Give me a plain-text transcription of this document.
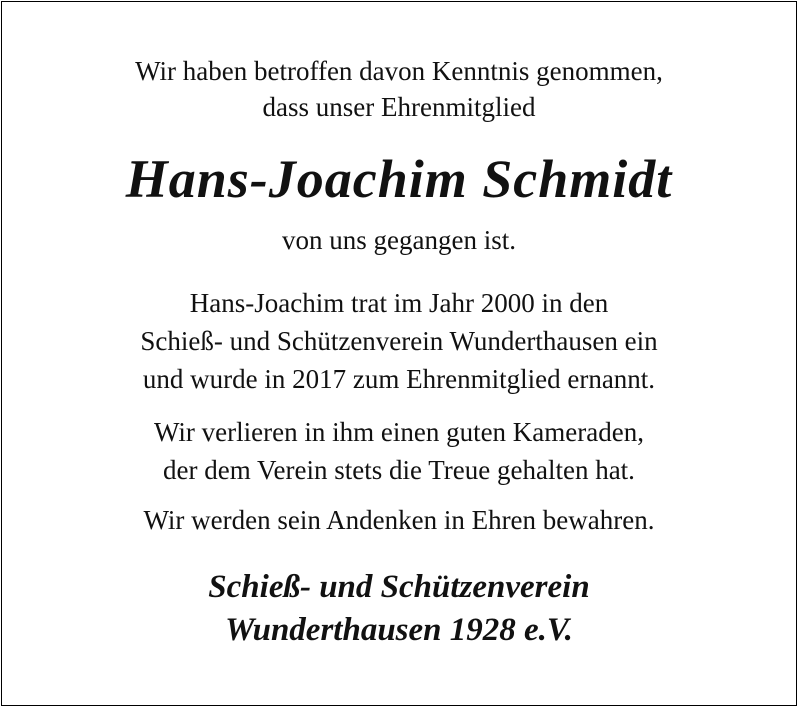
Wir haben betroffen davon Kenntnis genommen,
dass unser Ehrenmitglied
Hans-Joachim Schmidt
von uns gegangen ist.
Hans-Joachim trat im Jahr 2000 in den
Schieß- und Schützenverein Wunderthausen ein
und wurde in 2017 zum Ehrenmitglied ernannt.
Wir verlieren in ihm einen guten Kameraden,
der dem Verein stets die Treue gehalten hat.
Wir werden sein Andenken in Ehren bewahren.
Schieß- und Schützenverein
Wunderthausen 1928 e.V.
